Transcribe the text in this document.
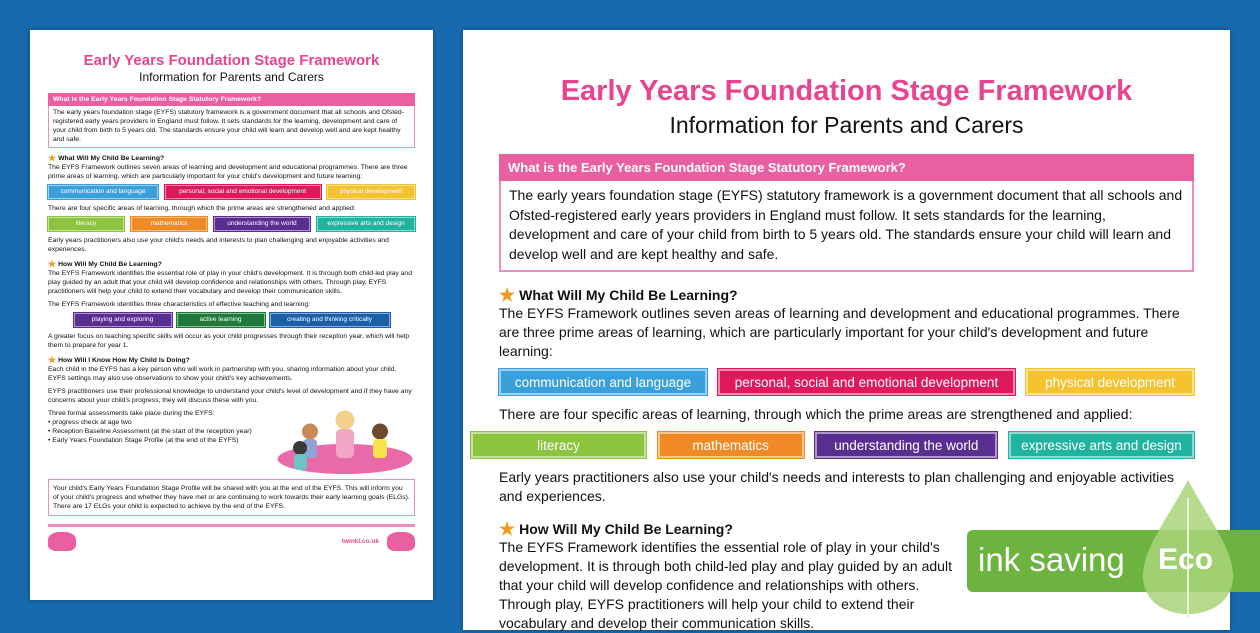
Early Years Foundation Stage Framework
Information for Parents and Carers
What is the Early Years Foundation Stage Statutory Framework?
The early years foundation stage (EYFS) statutory framework is a government document that all schools and Ofsted-registered early years providers in England must follow. It sets standards for the learning, development and care of your child from birth to 5 years old. The standards ensure your child will learn and develop well and are kept healthy and safe.
★ What Will My Child Be Learning?

The EYFS Framework outlines seven areas of learning and development and educational programmes. There are three prime areas of learning, which are particularly important for your child's development and future learning:

communication and language	personal, social and emotional development	physical development

There are four specific areas of learning, through which the prime areas are strengthened and applied:

literacy	mathematics	understanding the world	expressive arts and design

Early years practitioners also use your child's needs and interests to plan challenging and enjoyable activities and experiences.

★ How Will My Child Be Learning?

The EYFS Framework identifies the essential role of play in your child's development. It is through both child-led play and play guided by an adult that your child will develop confidence and relationships with others. Through play, EYFS practitioners will help your child to extend their vocabulary and develop their communication skills.

The EYFS Framework identifies three characteristics of effective teaching and learning:

playing and exploring	active learning	creating and thinking critically

A greater focus on teaching specific skills will occur as your child progresses through their reception year, which will help them to prepare for year 1.

★ How Will I Know How My Child Is Doing?

Each child in the EYFS has a key person who will work in partnership with you, sharing information about your child. EYFS settings may also use observations to show your child's key achievements.

EYFS practitioners use their professional knowledge to understand your child's level of development and if they have any concerns about your child's progress, they will discuss these with you.

Three formal assessments take place during the EYFS:

• progress check at age two
• Reception Baseline Assessment (at the start of the reception year)
• Early Years Foundation Stage Profile (at the end of the EYFS)
Your child's Early Years Foundation Stage Profile will be shared with you at the end of the EYFS. This will inform you of your child's progress and whether they have met or are continuing to work towards their early learning goals (ELGs). There are 17 ELGs your child is expected to achieve by the end of the EYFS.
twinkl.co.uk
Early Years Foundation Stage Framework
Information for Parents and Carers
What is the Early Years Foundation Stage Statutory Framework?
The early years foundation stage (EYFS) statutory framework is a government document that all schools and Ofsted-registered early years providers in England must follow. It sets standards for the learning, development and care of your child from birth to 5 years old. The standards ensure your child will learn and develop well and are kept healthy and safe.
★ What Will My Child Be Learning?

The EYFS Framework outlines seven areas of learning and development and educational programmes. There are three prime areas of learning, which are particularly important for your child's development and future learning:

communication and language	personal, social and emotional development	physical development

There are four specific areas of learning, through which the prime areas are strengthened and applied:

literacy	mathematics	understanding the world	expressive arts and design

Early years practitioners also use your child's needs and interests to plan challenging and enjoyable activities and experiences.

★ How Will My Child Be Learning?

The EYFS Framework identifies the essential role of play in your child's development. It is through both child-led play and play guided by an adult that your child will develop confidence and relationships with others. Through play, EYFS practitioners will help your child to extend their vocabulary and develop their communication skills.

ink saving Eco
